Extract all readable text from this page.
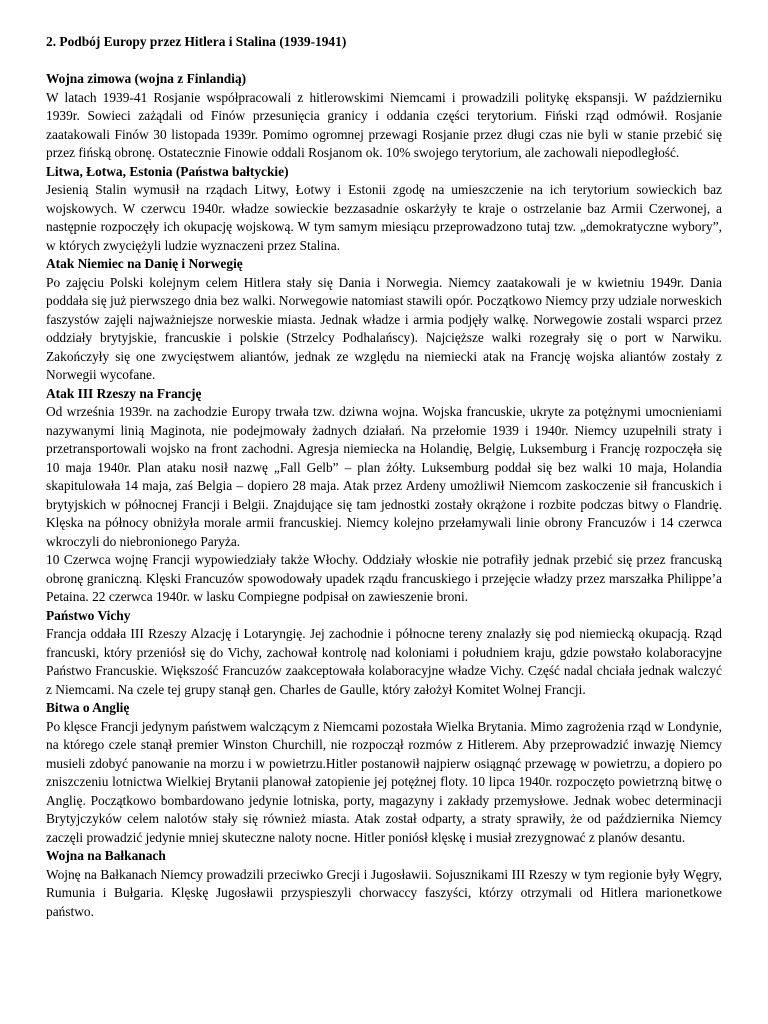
2. Podbój Europy przez Hitlera i Stalina (1939-1941)

Wojna zimowa (wojna z Finlandią)

W latach 1939-41 Rosjanie współpracowali z hitlerowskimi Niemcami i prowadzili politykę ekspansji. W październiku 1939r. Sowieci zażądali od Finów przesunięcia granicy i oddania części terytorium. Fiński rząd odmówił. Rosjanie zaatakowali Finów 30 listopada 1939r. Pomimo ogromnej przewagi Rosjanie przez długi czas nie byli w stanie przebić się przez fińską obronę. Ostatecznie Finowie oddali Rosjanom ok. 10% swojego terytorium, ale zachowali niepodległość.

Litwa, Łotwa, Estonia (Państwa bałtyckie)

Jesienią Stalin wymusił na rządach Litwy, Łotwy i Estonii zgodę na umieszczenie na ich terytorium sowieckich baz wojskowych. W czerwcu 1940r. władze sowieckie bezzasadnie oskarżyły te kraje o ostrzelanie baz Armii Czerwonej, a następnie rozpoczęły ich okupację wojskową. W tym samym miesiącu przeprowadzono tutaj tzw. „demokratyczne wybory”, w których zwyciężyli ludzie wyznaczeni przez Stalina.

Atak Niemiec na Danię i Norwegię

Po zajęciu Polski kolejnym celem Hitlera stały się Dania i Norwegia. Niemcy zaatakowali je w kwietniu 1949r. Dania poddała się już pierwszego dnia bez walki. Norwegowie natomiast stawili opór. Początkowo Niemcy przy udziale norweskich faszystów zajęli najważniejsze norweskie miasta. Jednak władze i armia podjęły walkę. Norwegowie zostali wsparci przez oddziały brytyjskie, francuskie i polskie (Strzelcy Podhalańscy). Najcięższe walki rozegrały się o port w Narwiku. Zakończyły się one zwycięstwem aliantów, jednak ze względu na niemiecki atak na Francję wojska aliantów zostały z Norwegii wycofane.

Atak III Rzeszy na Francję

Od września 1939r. na zachodzie Europy trwała tzw. dziwna wojna. Wojska francuskie, ukryte za potężnymi umocnieniami nazywanymi linią Maginota, nie podejmowały żadnych działań. Na przełomie 1939 i 1940r. Niemcy uzupełnili straty i przetransportowali wojsko na front zachodni. Agresja niemiecka na Holandię, Belgię, Luksemburg i Francję rozpoczęła się 10 maja 1940r. Plan ataku nosił nazwę „Fall Gelb” – plan żółty. Luksemburg poddał się bez walki 10 maja, Holandia skapitulowała 14 maja, zaś Belgia – dopiero 28 maja. Atak przez Ardeny umożliwił Niemcom zaskoczenie sił francuskich i brytyjskich w północnej Francji i Belgii. Znajdujące się tam jednostki zostały okrążone i rozbite podczas bitwy o Flandrię. Klęska na północy obniżyła morale armii francuskiej. Niemcy kolejno przełamywali linie obrony Francuzów i 14 czerwca wkroczyli do niebronionego Paryża.

10 Czerwca wojnę Francji wypowiedziały także Włochy. Oddziały włoskie nie potrafiły jednak przebić się przez francuską obronę graniczną. Klęski Francuzów spowodowały upadek rządu francuskiego i przejęcie władzy przez marszałka Philippe’a Petaina. 22 czerwca 1940r. w lasku Compiegne podpisał on zawieszenie broni.

Państwo Vichy

Francja oddała III Rzeszy Alzację i Lotaryngię. Jej zachodnie i północne tereny znalazły się pod niemiecką okupacją. Rząd francuski, który przeniósł się do Vichy, zachował kontrolę nad koloniami i południem kraju, gdzie powstało kolaboracyjne Państwo Francuskie. Większość Francuzów zaakceptowała kolaboracyjne władze Vichy. Część nadal chciała jednak walczyć z Niemcami. Na czele tej grupy stanął gen. Charles de Gaulle, który założył Komitet Wolnej Francji.

Bitwa o Anglię

Po klęsce Francji jedynym państwem walczącym z Niemcami pozostała Wielka Brytania. Mimo zagrożenia rząd w Londynie, na którego czele stanął premier Winston Churchill, nie rozpoczął rozmów z Hitlerem. Aby przeprowadzić inwazję Niemcy musieli zdobyć panowanie na morzu i w powietrzu.Hitler postanowił najpierw osiągnąć przewagę w powietrzu, a dopiero po zniszczeniu lotnictwa Wielkiej Brytanii planował zatopienie jej potężnej floty. 10 lipca 1940r. rozpoczęto powietrzną bitwę o Anglię. Początkowo bombardowano jedynie lotniska, porty, magazyny i zakłady przemysłowe. Jednak wobec determinacji Brytyjczyków celem nalotów stały się również miasta. Atak został odparty, a straty sprawiły, że od października Niemcy zaczęli prowadzić jedynie mniej skuteczne naloty nocne. Hitler poniósł klęskę i musiał zrezygnować z planów desantu.

Wojna na Bałkanach

Wojnę na Bałkanach Niemcy prowadzili przeciwko Grecji i Jugosławii. Sojusznikami III Rzeszy w tym regionie były Węgry, Rumunia i Bułgaria. Klęskę Jugosławii przyspieszyli chorwaccy faszyści, którzy otrzymali od Hitlera marionetkowe państwo.
